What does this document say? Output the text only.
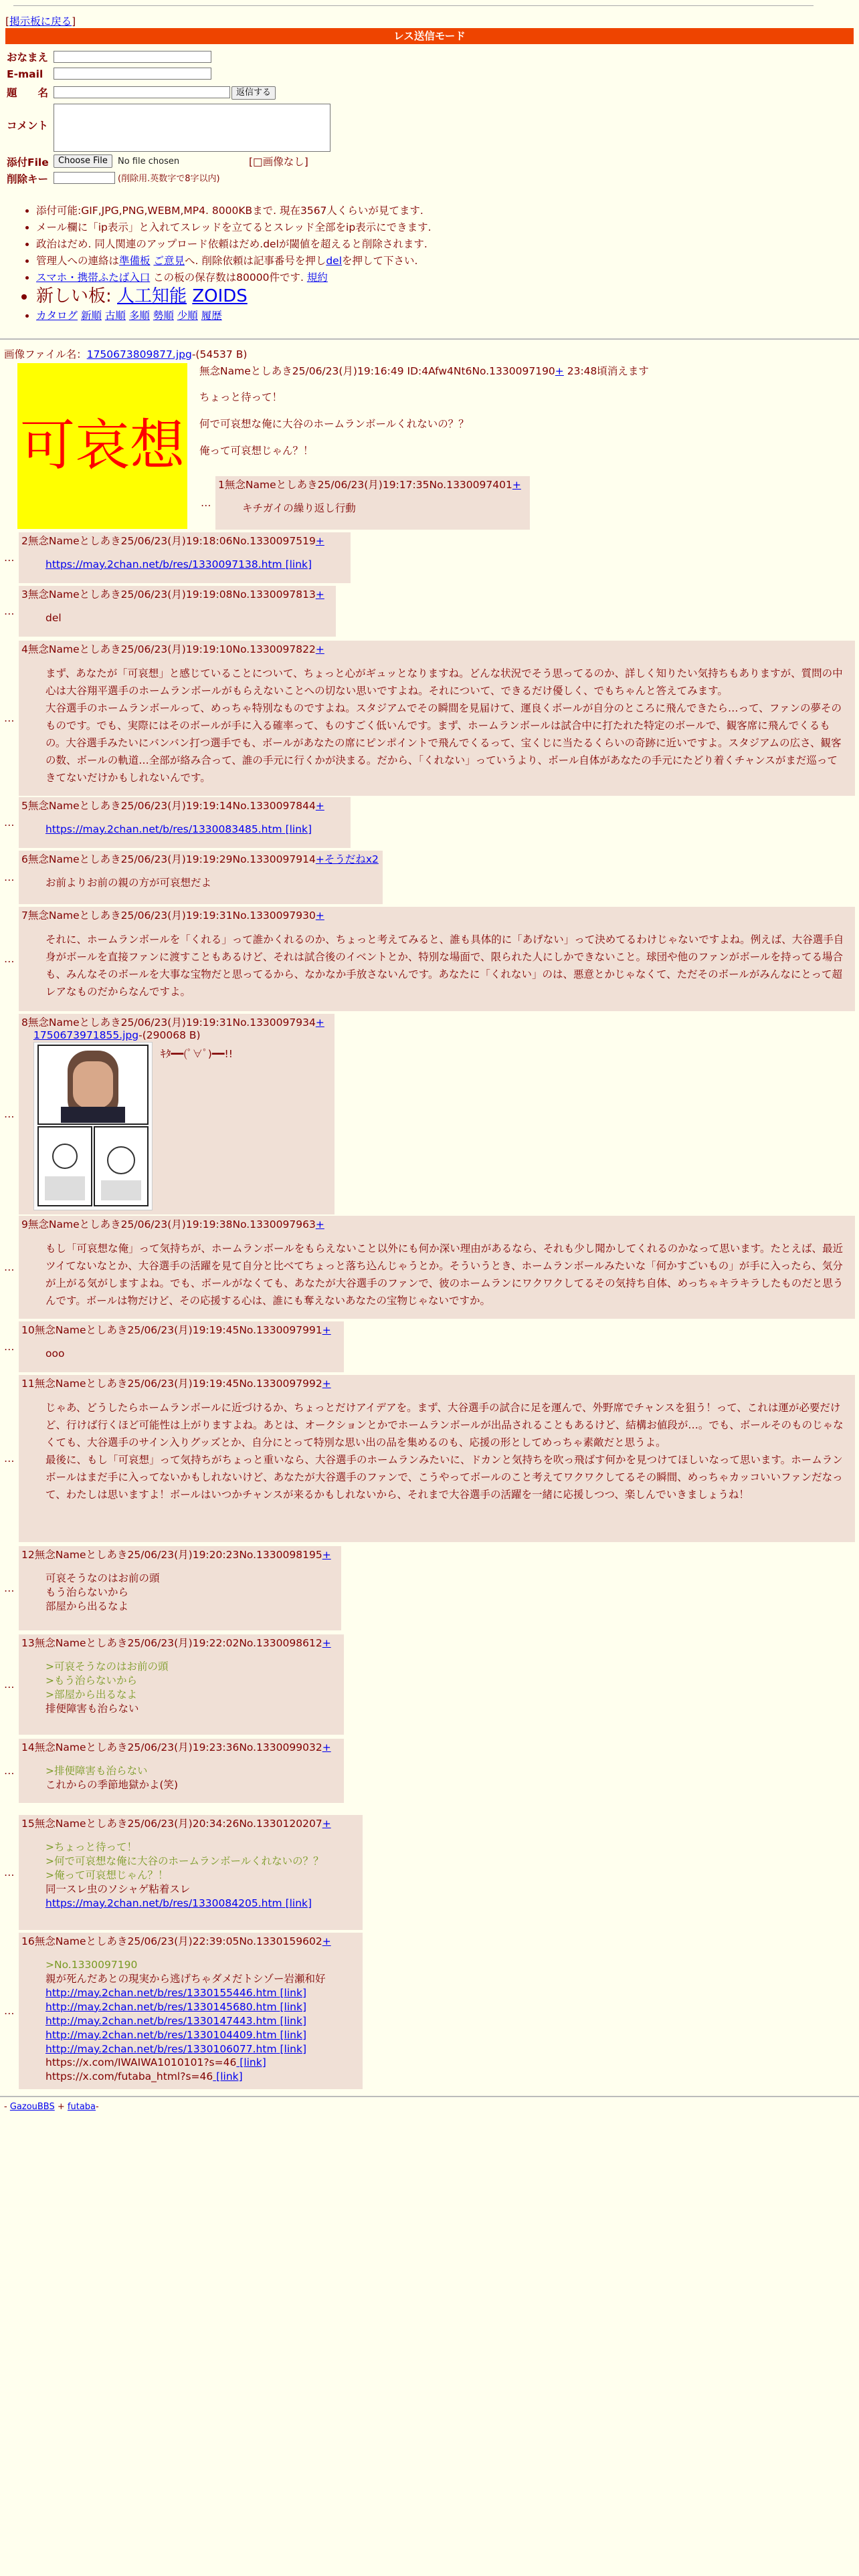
[掲示板に戻る]
レス送信モード
おなまえ
E-mail
題　　名	返信する
コメント
添付File	Choose File	No file chosen	[□画像なし]
削除キー	(削除用.英数字で8字以内)
• 添付可能:GIF,JPG,PNG,WEBM,MP4. 8000KBまで. 現在3567人くらいが見てます.
• メール欄に「ip表示」と入れてスレッドを立てるとスレッド全部をip表示にできます.
• 政治はだめ. 同人関連のアップロード依頼はだめ.delが閾値を超えると削除されます.
• 管理人への連絡は準備板 ご意見へ. 削除依頼は記事番号を押しdelを押して下さい.
• スマホ・携帯ふたば入口 この板の保存数は80000件です. 規約
• 新しい板: 人工知能 ZOIDS
• カタログ 新順 古順 多順 勢順 少順 履歴
画像ファイル名：1750673809877.jpg-(54537 B)
可哀想
無念Nameとしあき25/06/23(月)19:16:49 ID:4Afw4Nt6No.1330097190+ 23:48頃消えます
ちょっと待って！
何で可哀想な俺に大谷のホームランボールくれないの？？
俺って可哀想じゃん？！
1無念Nameとしあき25/06/23(月)19:17:35No.1330097401+
キチガイの繰り返し行動
…
2無念Nameとしあき25/06/23(月)19:18:06No.1330097519+
https://may.2chan.net/b/res/1330097138.htm [link]
…
3無念Nameとしあき25/06/23(月)19:19:08No.1330097813+
del
…
4無念Nameとしあき25/06/23(月)19:19:10No.1330097822+
まず、あなたが「可哀想」と感じていることについて、ちょっと心がギュッとなりますね。どんな状況でそう思ってるのか、詳しく知りたい気持ちもありますが、質問の中心は大谷翔平選手のホームランボールがもらえないことへの切ない思いですよね。それについて、できるだけ優しく、でもちゃんと答えてみます。
大谷選手のホームランボールって、めっちゃ特別なものですよね。スタジアムでその瞬間を見届けて、運良くボールが自分のところに飛んできたら…って、ファンの夢そのものです。でも、実際にはそのボールが手に入る確率って、ものすごく低いんです。まず、ホームランボールは試合中に打たれた特定のボールで、観客席に飛んでくるもの。大谷選手みたいにバンバン打つ選手でも、ボールがあなたの席にピンポイントで飛んでくるって、宝くじに当たるくらいの奇跡に近いですよ。スタジアムの広さ、観客の数、ボールの軌道…全部が絡み合って、誰の手元に行くかが決まる。だから、「くれない」っていうより、ボール自体があなたの手元にたどり着くチャンスがまだ巡ってきてないだけかもしれないんです。
…
5無念Nameとしあき25/06/23(月)19:19:14No.1330097844+
https://may.2chan.net/b/res/1330083485.htm [link]
…
6無念Nameとしあき25/06/23(月)19:19:29No.1330097914+そうだねx2
お前よりお前の親の方が可哀想だよ
…
7無念Nameとしあき25/06/23(月)19:19:31No.1330097930+
それに、ホームランボールを「くれる」って誰かくれるのか、ちょっと考えてみると、誰も具体的に「あげない」って決めてるわけじゃないですよね。例えば、大谷選手自身がボールを直接ファンに渡すこともあるけど、それは試合後のイベントとか、特別な場面で、限られた人にしかできないこと。球団や他のファンがボールを持ってる場合も、みんなそのボールを大事な宝物だと思ってるから、なかなか手放さないんです。あなたに「くれない」のは、悪意とかじゃなくて、ただそのボールがみんなにとって超レアなものだからなんですよ。
…
8無念Nameとしあき25/06/23(月)19:19:31No.1330097934+
1750673971855.jpg-(290068 B)
ｷﾀ━━(ﾟ∀ﾟ)━━!!
…
9無念Nameとしあき25/06/23(月)19:19:38No.1330097963+
もし「可哀想な俺」って気持ちが、ホームランボールをもらえないこと以外にも何か深い理由があるなら、それも少し聞かしてくれるのかなって思います。たとえば、最近ツイてないなとか、大谷選手の活躍を見て自分と比べてちょっと落ち込んじゃうとか。そういうとき、ホームランボールみたいな「何かすごいもの」が手に入ったら、気分が上がる気がしますよね。でも、ボールがなくても、あなたが大谷選手のファンで、彼のホームランにワクワクしてるその気持ち自体、めっちゃキラキラしたものだと思うんです。ボールは物だけど、その応援する心は、誰にも奪えないあなたの宝物じゃないですか。
…
10無念Nameとしあき25/06/23(月)19:19:45No.1330097991+
ooo
…
11無念Nameとしあき25/06/23(月)19:19:45No.1330097992+
じゃあ、どうしたらホームランボールに近づけるか、ちょっとだけアイデアを。まず、大谷選手の試合に足を運んで、外野席でチャンスを狙う！って、これは運が必要だけど、行けば行くほど可能性は上がりますよね。あとは、オークションとかでホームランボールが出品されることもあるけど、結構お値段が…。でも、ボールそのものじゃなくても、大谷選手のサイン入りグッズとか、自分にとって特別な思い出の品を集めるのも、応援の形としてめっちゃ素敵だと思うよ。
最後に、もし「可哀想」って気持ちがちょっと重いなら、大谷選手のホームランみたいに、ドカンと気持ちを吹っ飛ばす何かを見つけてほしいなって思います。ホームランボールはまだ手に入ってないかもしれないけど、あなたが大谷選手のファンで、こうやってボールのこと考えてワクワクしてるその瞬間、めっちゃカッコいいファンだなって、わたしは思いますよ！ボールはいつかチャンスが来るかもしれないから、それまで大谷選手の活躍を一緒に応援しつつ、楽しんでいきましょうね！
…
12無念Nameとしあき25/06/23(月)19:20:23No.1330098195+
可哀そうなのはお前の頭
もう治らないから
部屋から出るなよ
…
13無念Nameとしあき25/06/23(月)19:22:02No.1330098612+
>可哀そうなのはお前の頭
>もう治らないから
>部屋から出るなよ
排便障害も治らない
…
14無念Nameとしあき25/06/23(月)19:23:36No.1330099032+
>排便障害も治らない
これからの季節地獄かよ(笑)
…
15無念Nameとしあき25/06/23(月)20:34:26No.1330120207+
>ちょっと待って！
>何で可哀想な俺に大谷のホームランボールくれないの？？
>俺って可哀想じゃん？！
同一スレ虫のソシャゲ粘着スレ
https://may.2chan.net/b/res/1330084205.htm [link]
…
16無念Nameとしあき25/06/23(月)22:39:05No.1330159602+
>No.1330097190
親が死んだあとの現実から逃げちゃダメだトシゾー岩瀬和好
http://may.2chan.net/b/res/1330155446.htm [link]
http://may.2chan.net/b/res/1330145680.htm [link]
http://may.2chan.net/b/res/1330147443.htm [link]
http://may.2chan.net/b/res/1330104409.htm [link]
http://may.2chan.net/b/res/1330106077.htm [link]
https://x.com/IWAIWA1010101?s=46 [link]
https://x.com/futaba_html?s=46 [link]
…
- GazouBBS + futaba-
